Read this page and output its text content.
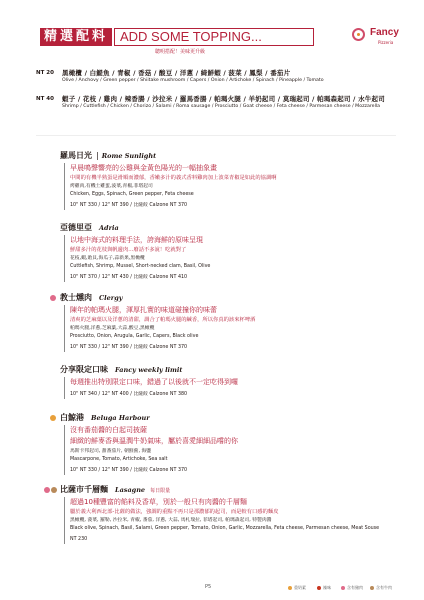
精選配料 ADD SOME TOPPING...
聰明搭配！美味更升級
Fancy
Pizzeria
NT 20 黑橄欖 / 白鯷魚 / 青椒 / 香菇 / 酸豆 / 洋蔥 / 綺鮮蝦 / 菠菜 / 鳳梨 / 番茄片
Olive / Anchovy / Green pepper / Shiitake mushroom / Capers / Onion / Artichoke / Spinach / Pineapple / Tomato
NT 40 蝦子 / 花枝 / 雞肉 / 辣香腸 / 沙拉米 / 羅馬香腸 / 帕瑪火腿 / 羊奶起司 / 莫瑞起司 / 帕瑪森起司 / 水牛起司
Shrimp / Cuttlefish / Chicken / Chorizo / Salami / Roma sausage / Prosciutto / Goat cheese / Feta cheese / Parmesan cheese / Mozzarella
羅馬日光 | Rome Sunlight
早晨鳴聲響亮的公雞與金黃色陽光的一幅抽象畫
中間的有機半熟蛋是滑順而濃郁，香嫩多汁的義式香料雞肉加上波菜青椒是如此的協調啊
烤雞肉,有機土雞蛋,波菜,青椒,菲塔起司
Chicken, Eggs, Spinach, Green pepper, Feta cheese
10" NT 330 / 12" NT 390 / 比薩餃 Calzone NT 370
亞德里亞 Adria
以地中海式的料理手法，誇海鮮的原味呈現
鮮甜多汁的花枝與帆邊肉...廢話不多說！吃就對了
花枝,蝦,貽貝,海瓜子,蒜新果,黑橄欖
Cuttlefish, Shrimp, Mussel, Short-necked clam, Basil, Olive
10" NT 370 / 12" NT 430 / 比薩餃 Calzone NT 410
教士燻肉 Clergy
陳年的帕瑪火腿，渾厚扎實的味道碰撞你的味蕾
清爽的芝麻葉以及洋蔥的清甜，調合了帕瑪火腿的鹹香，所以你真的該來杯啤酒
帕瑪火腿,洋蔥,芝麻葉,大蒜,酸豆,黑橄欖
Prosciutto, Onion, Arugula, Garlic, Capers, Black olive
10" NT 330 / 12" NT 390 / 比薩餃 Calzone NT 370
分享限定口味 Fancy weekly limit
每週推出特別限定口味，錯過了以後就不一定吃得到囉
10" NT 340 / 12" NT 400 / 比薩餃 Calzone NT 380
白鯨港 Beluga Harbour
沒有番茄醬的白起司披薩
細緻的鮮麥香與溫潤牛奶氣味，屬於喜愛細細品嚐的你
馬斯卡邦起司, 甜番茄片, 朝鮮薊, 海鹽
Mascarpone, Tomato, Artichoke, Sea salt
10" NT 330 / 12" NT 390 / 比薩餃 Calzone NT 370
比薩市千層麵 Lasagne 每日限量
超過10種豐富的餡料及香草，別於一般只有肉醬的千層麵
屬於義大利西北部-比薩的做法，強調的重點不再只是那濃郁的起司，而是較有口感的麵皮
黑橄欖, 菠菜, 羅勒, 沙拉米, 青椒, 番茄, 洋蔥, 大蒜, 馬札瑞拉, 菲塔起司, 帕瑪森起司, 特製肉醬
Black olive, Spinach, Basil, Salami, Green pepper, Tomato, Onion, Garlic, Mozzarella, Feta cheese, Parmesan cheese, Meat Souse
NT 230
P5	重奶素	辣味	含有豬肉	含有牛肉
